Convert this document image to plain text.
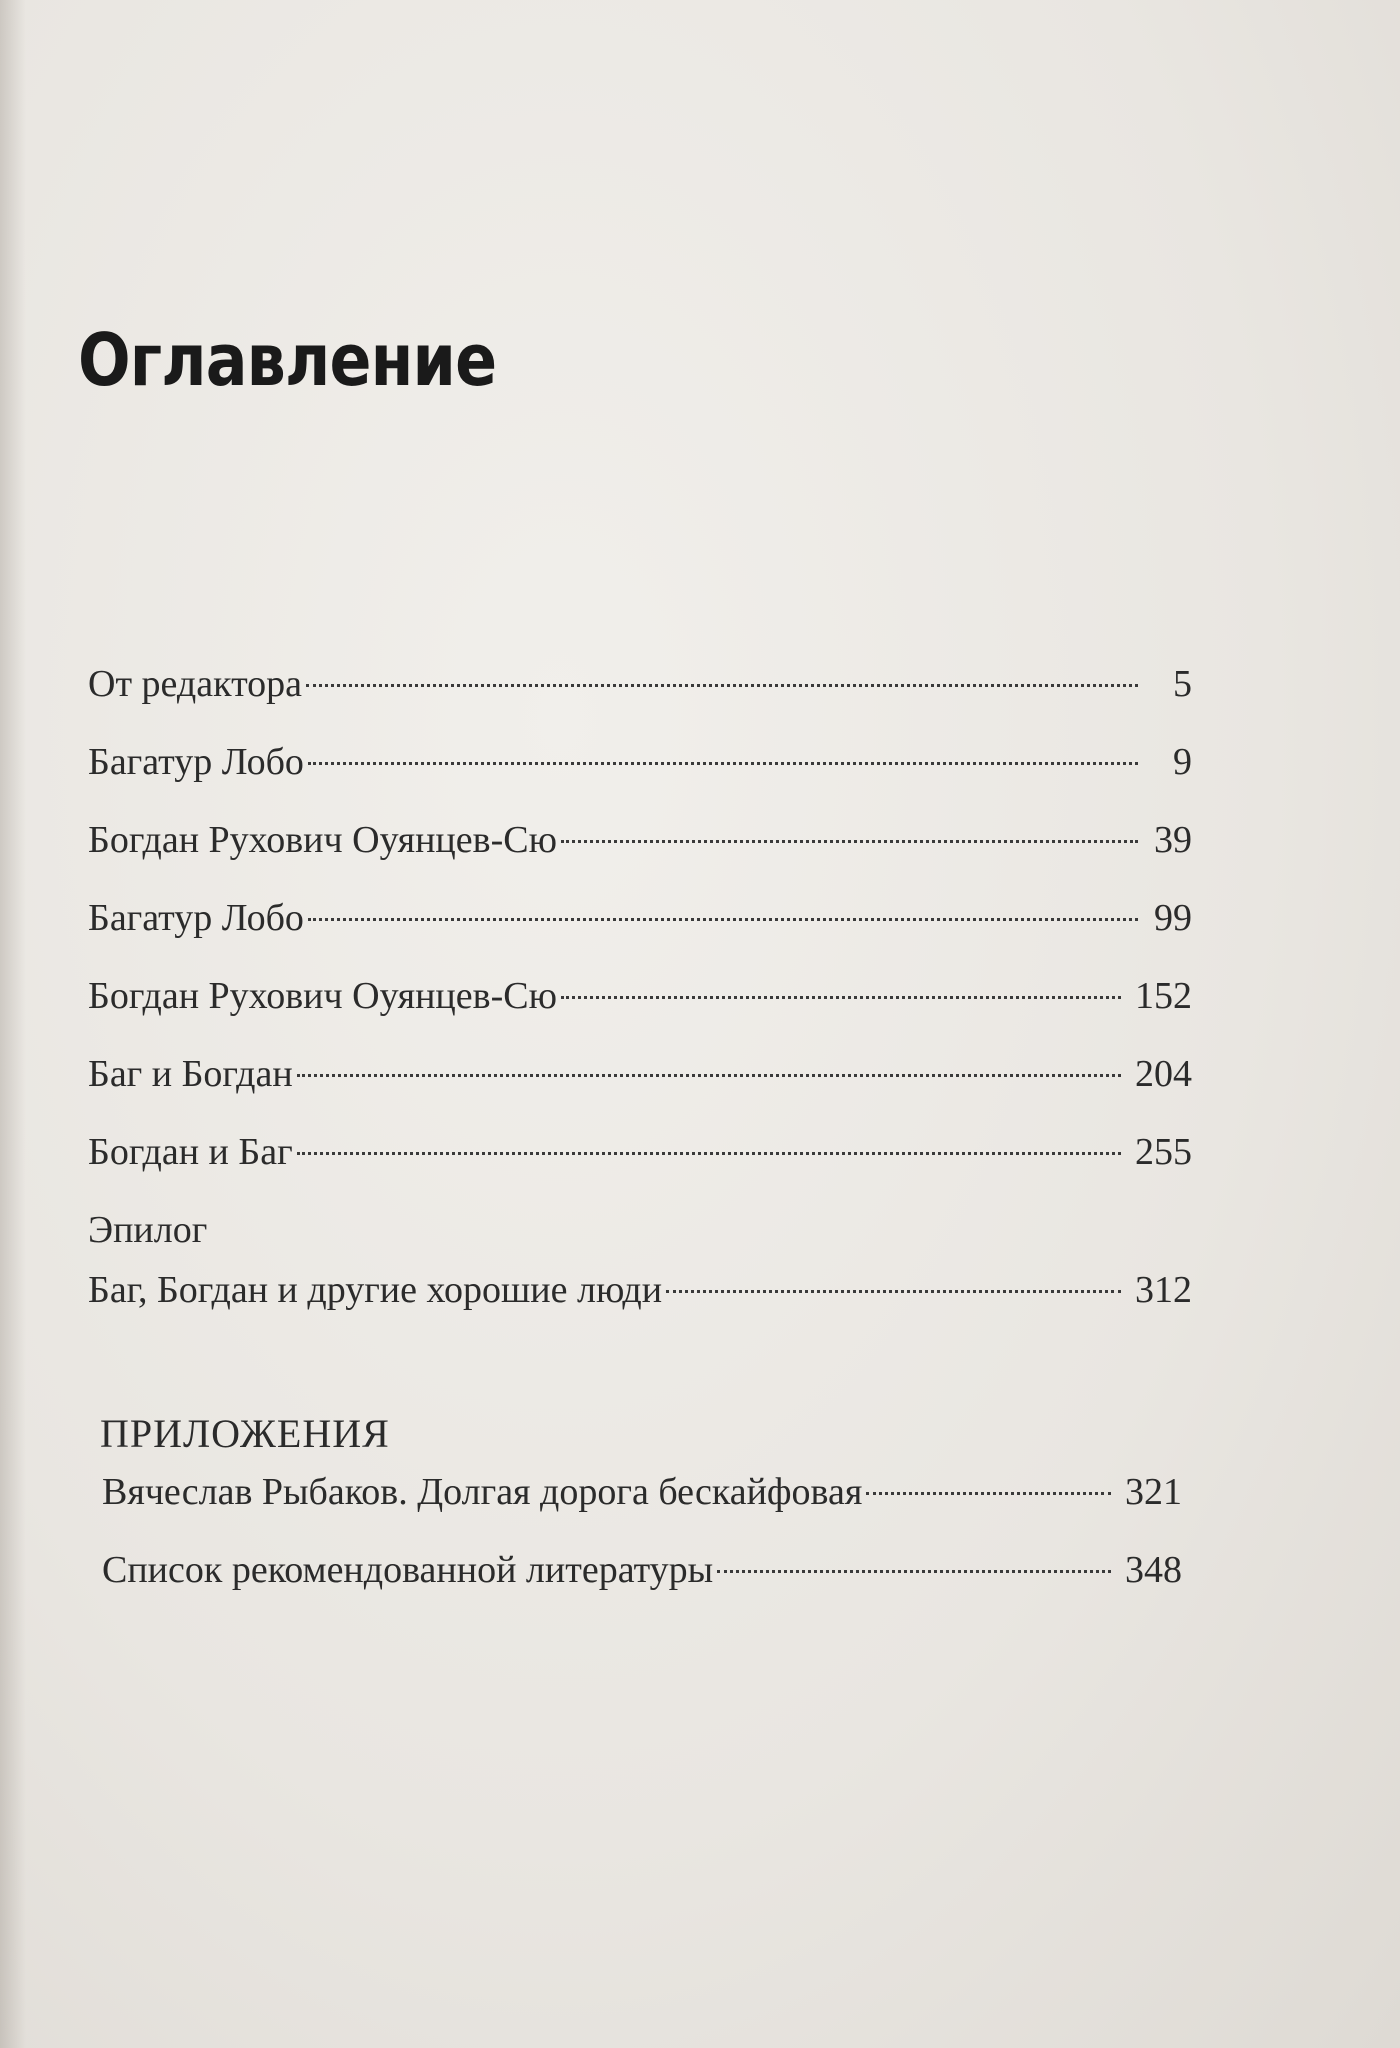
Оглавление
От редактора	5
Багатур Лобо	9
Богдан Рухович Оуянцев-Сю	39
Багатур Лобо	99
Богдан Рухович Оуянцев-Сю	152
Баг и Богдан	204
Богдан и Баг	255
Эпилог
Баг, Богдан и другие хорошие люди	312
ПРИЛОЖЕНИЯ
Вячеслав Рыбаков. Долгая дорога бескайфовая	321
Список рекомендованной литературы	348
